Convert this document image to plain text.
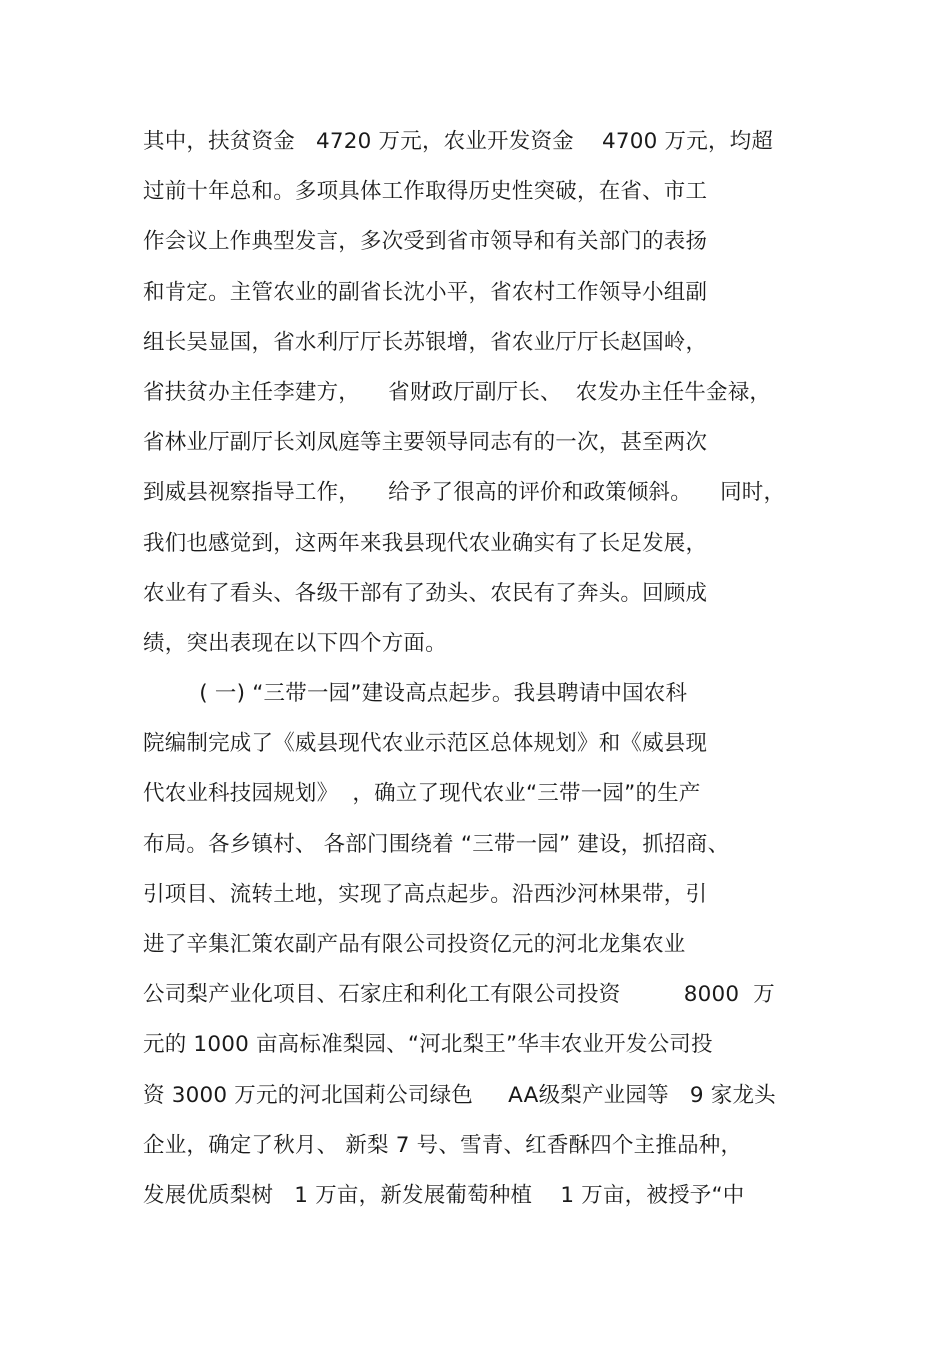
其中，扶贫资金   4720 万元，农业开发资金    4700 万元，均超
过前十年总和。多项具体工作取得历史性突破，在省、市工
作会议上作典型发言，多次受到省市领导和有关部门的表扬
和肯定。主管农业的副省长沈小平，省农村工作领导小组副
组长吴显国，省水利厅厅长苏银增，省农业厅厅长赵国岭，
省扶贫办主任李建方，    省财政厅副厅长、  农发办主任牛金禄，
省林业厅副厅长刘凤庭等主要领导同志有的一次，甚至两次
到威县视察指导工作，    给予了很高的评价和政策倾斜。    同时，
我们也感觉到，这两年来我县现代农业确实有了长足发展，
农业有了看头、各级干部有了劲头、农民有了奔头。回顾成
绩，突出表现在以下四个方面。
( 一) “三带一园”建设高点起步。我县聘请中国农科
院编制完成了《威县现代农业示范区总体规划》和《威县现
代农业科技园规划》  ，确立了现代农业“三带一园”的生产
布局。各乡镇村、 各部门围绕着 “三带一园” 建设，抓招商、
引项目、流转土地，实现了高点起步。沿西沙河林果带，引
进了辛集汇策农副产品有限公司投资亿元的河北龙集农业
公司梨产业化项目、石家庄和利化工有限公司投资         8000  万
元的 1000 亩高标准梨园、“河北梨王”华丰农业开发公司投
资 3000 万元的河北国莉公司绿色     AA级梨产业园等   9 家龙头
企业，确定了秋月、 新梨 7 号、雪青、红香酥四个主推品种，
发展优质梨树   1 万亩，新发展葡萄种植    1 万亩，被授予“中
